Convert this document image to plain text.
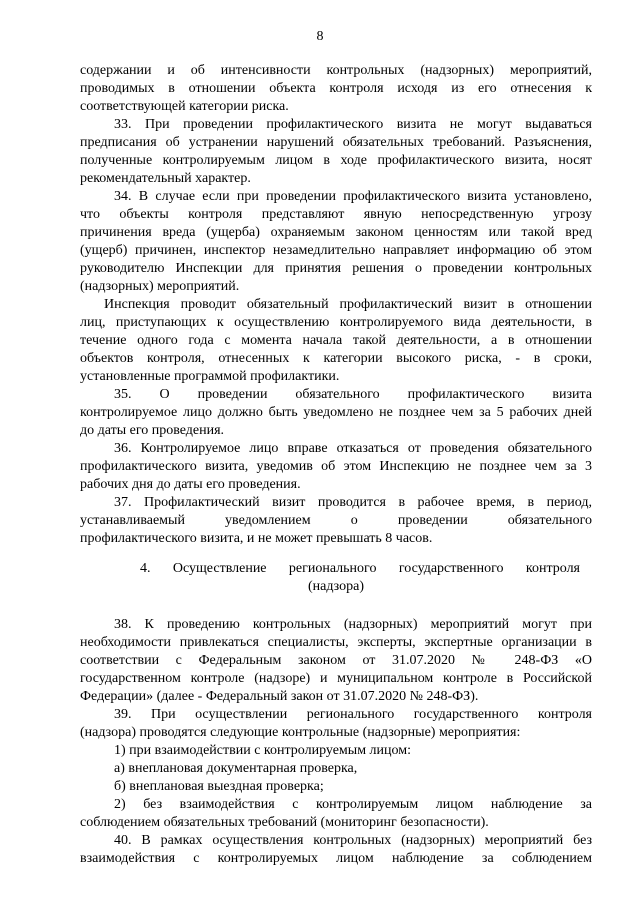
8
содержании и об интенсивности контрольных (надзорных) мероприятий,
проводимых в отношении объекта контроля исходя из его отнесения к
соответствующей категории риска.
33. При проведении профилактического визита не могут выдаваться
предписания об устранении нарушений обязательных требований. Разъяснения,
полученные контролируемым лицом в ходе профилактического визита, носят
рекомендательный характер.
34. В случае если при проведении профилактического визита установлено,
что объекты контроля представляют явную непосредственную угрозу
причинения вреда (ущерба) охраняемым законом ценностям или такой вред
(ущерб) причинен, инспектор незамедлительно направляет информацию об этом
руководителю Инспекции для принятия решения о проведении контрольных
(надзорных) мероприятий.
Инспекция проводит обязательный профилактический визит в отношении
лиц, приступающих к осуществлению контролируемого вида деятельности, в
течение одного года с момента начала такой деятельности, а в отношении
объектов контроля, отнесенных к категории высокого риска, - в сроки,
установленные программой профилактики.
35. О проведении обязательного профилактического визита
контролируемое лицо должно быть уведомлено не позднее чем за 5 рабочих дней
до даты его проведения.
36. Контролируемое лицо вправе отказаться от проведения обязательного
профилактического визита, уведомив об этом Инспекцию не позднее чем за 3
рабочих дня до даты его проведения.
37. Профилактический визит проводится в рабочее время, в период,
устанавливаемый уведомлением о проведении обязательного
профилактического визита, и не может превышать 8 часов.
4. Осуществление регионального государственного контроля
(надзора)
38. К проведению контрольных (надзорных) мероприятий могут при
необходимости привлекаться специалисты, эксперты, экспертные организации в
соответствии с Федеральным законом от 31.07.2020 № 248-ФЗ «О
государственном контроле (надзоре) и муниципальном контроле в Российской
Федерации» (далее - Федеральный закон от 31.07.2020 № 248-ФЗ).
39. При осуществлении регионального государственного контроля
(надзора) проводятся следующие контрольные (надзорные) мероприятия:
1) при взаимодействии с контролируемым лицом:
а) внеплановая документарная проверка,
б) внеплановая выездная проверка;
2) без взаимодействия с контролируемым лицом наблюдение за
соблюдением обязательных требований (мониторинг безопасности).
40. В рамках осуществления контрольных (надзорных) мероприятий без
взаимодействия с контролируемых лицом наблюдение за соблюдением
